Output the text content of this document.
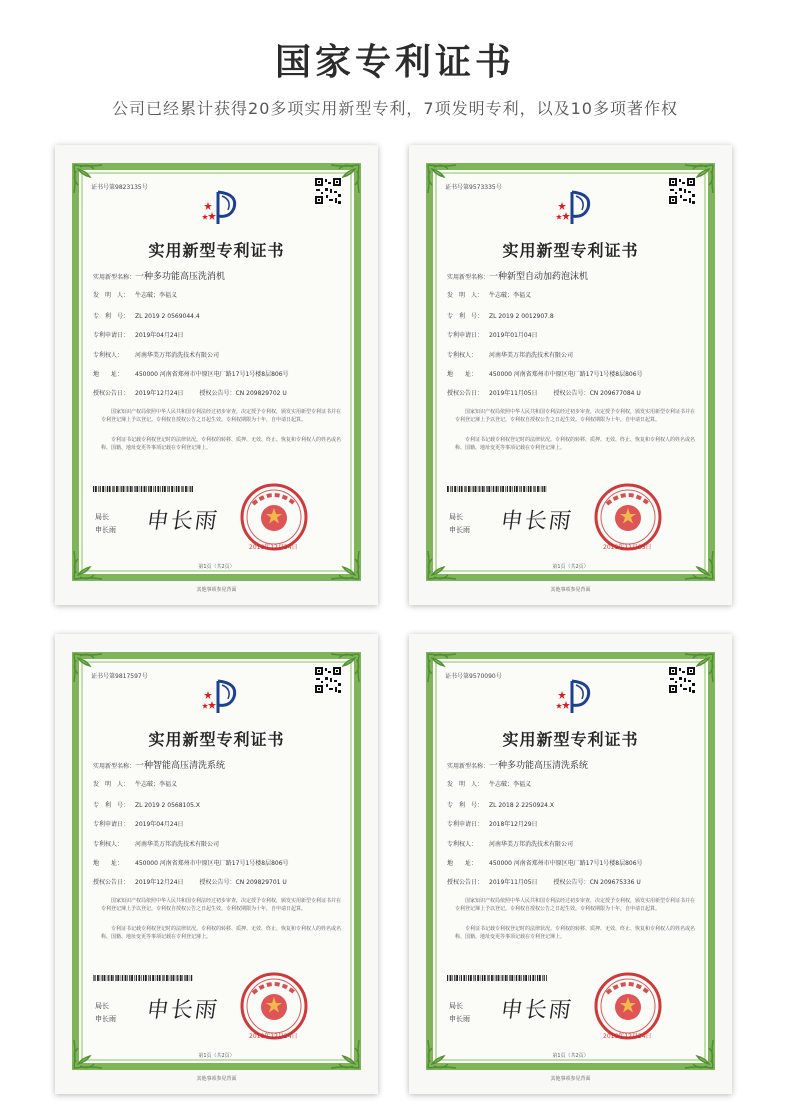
国家专利证书
公司已经累计获得20多项实用新型专利，7项发明专利，以及10多项著作权
证书号第9823135号
实用新型专利证书
实用新型名称：一种多功能高压洗消机
发　明　人： 牛志破；李福义
专　利　号： ZL 2019 2 0569044.4
专利申请日： 2019年04月24日
专利权人： 河南华美万邦消洗技术有限公司
地　　址： 450000 河南省郑州市中原区电厂路17号1号楼8层806号
授权公告日： 2019年12月24日	授权公告号：CN 209829702 U
国家知识产权局依照中华人民共和国专利法经过初步审查，决定授予专利权，颁发实用新型专利证书并在专利登记簿上予以登记。专利权自授权公告之日起生效。专利权期限为十年，自申请日起算。
专利证书记载专利权登记时的法律状况。专利权的转移、质押、无效、终止、恢复和专利权人的姓名或名称、国籍、地址变更等事项记载在专利登记簿上。
局长
申长雨 申长雨
2019年12月24日
第1页（共2页）
其他事项参见背面
证书号第9573335号
实用新型专利证书
实用新型名称：一种新型自动加药泡沫机
发　明　人： 牛志破；李福义
专　利　号： ZL 2019 2 0012907.8
专利申请日： 2019年01月04日
专利权人： 河南华美万邦消洗技术有限公司
地　　址： 450000 河南省郑州市中原区电厂路17号1号楼8层806号
授权公告日： 2019年11月05日	授权公告号：CN 209677084 U
国家知识产权局依照中华人民共和国专利法经过初步审查，决定授予专利权，颁发实用新型专利证书并在专利登记簿上予以登记。专利权自授权公告之日起生效。专利权期限为十年，自申请日起算。
专利证书记载专利权登记时的法律状况。专利权的转移、质押、无效、终止、恢复和专利权人的姓名或名称、国籍、地址变更等事项记载在专利登记簿上。
局长
申长雨 申长雨
2019年11月05日
第1页（共2页）
其他事项参见背面
证书号第9817597号
实用新型专利证书
实用新型名称：一种智能高压清洗系统
发　明　人： 牛志破；李福义
专　利　号： ZL 2019 2 0568105.X
专利申请日： 2019年04月24日
专利权人： 河南华美万邦消洗技术有限公司
地　　址： 450000 河南省郑州市中原区电厂路17号1号楼8层806号
授权公告日： 2019年12月24日	授权公告号：CN 209829701 U
国家知识产权局依照中华人民共和国专利法经过初步审查，决定授予专利权，颁发实用新型专利证书并在专利登记簿上予以登记。专利权自授权公告之日起生效。专利权期限为十年，自申请日起算。
专利证书记载专利权登记时的法律状况。专利权的转移、质押、无效、终止、恢复和专利权人的姓名或名称、国籍、地址变更等事项记载在专利登记簿上。
局长
申长雨 申长雨
2019年12月24日
第1页（共2页）
其他事项参见背面
证书号第9570090号
实用新型专利证书
实用新型名称：一种多功能高压清洗系统
发　明　人： 牛志破；李福义
专　利　号： ZL 2018 2 2250924.X
专利申请日： 2018年12月29日
专利权人： 河南华美万邦消洗技术有限公司
地　　址： 450000 河南省郑州市中原区电厂路17号1号楼8层806号
授权公告日： 2019年11月05日	授权公告号：CN 209675336 U
国家知识产权局依照中华人民共和国专利法经过初步审查，决定授予专利权，颁发实用新型专利证书并在专利登记簿上予以登记。专利权自授权公告之日起生效。专利权期限为十年，自申请日起算。
专利证书记载专利权登记时的法律状况。专利权的转移、质押、无效、终止、恢复和专利权人的姓名或名称、国籍、地址变更等事项记载在专利登记簿上。
局长
申长雨 申长雨
2019年12月24日
第1页（共2页）
其他事项参见背面
